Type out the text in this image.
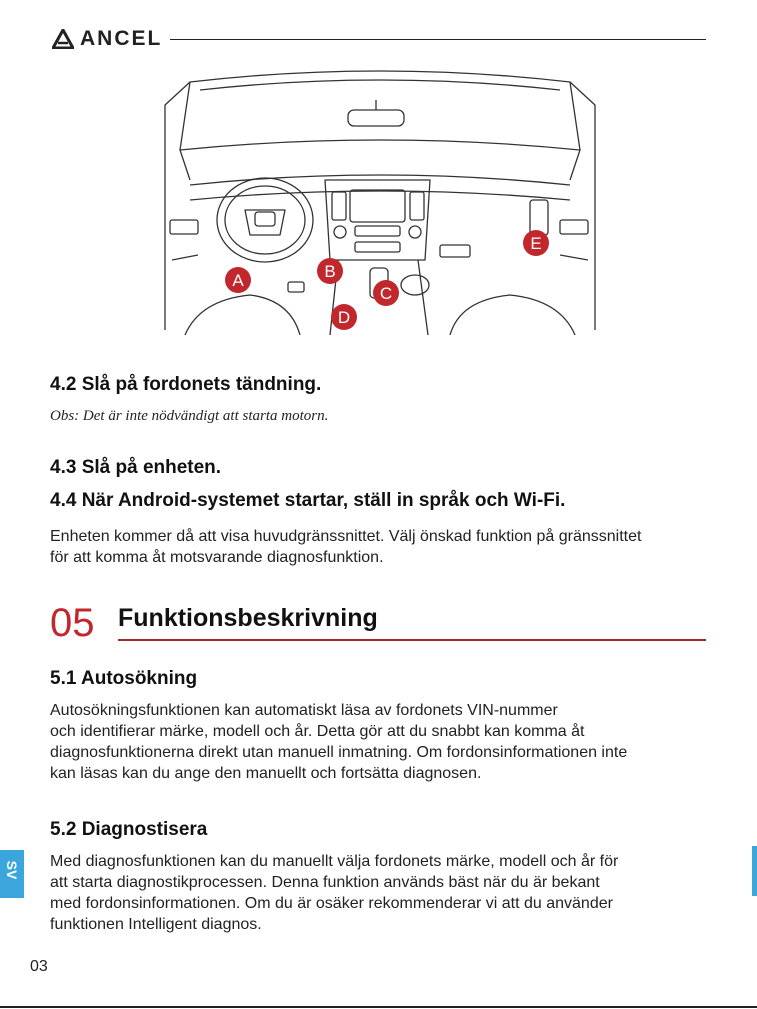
ANCEL
A	B
C
D
E
4.2 Slå på fordonets tändning.
Obs: Det är inte nödvändigt att starta motorn.
4.3 Slå på enheten.
4.4 När Android-systemet startar, ställ in språk och Wi-Fi.
Enheten kommer då att visa huvudgränssnittet. Välj önskad funktion på gränssnittet
för att komma åt motsvarande diagnosfunktion.
05 Funktionsbeskrivning
5.1 Autosökning
Autosökningsfunktionen kan automatiskt läsa av fordonets VIN-nummer
och identifierar märke, modell och år. Detta gör att du snabbt kan komma åt
diagnosfunktionerna direkt utan manuell inmatning. Om fordonsinformationen inte
kan läsas kan du ange den manuellt och fortsätta diagnosen.
5.2 Diagnostisera
Med diagnosfunktionen kan du manuellt välja fordonets märke, modell och år för
att starta diagnostikprocessen. Denna funktion används bäst när du är bekant
med fordonsinformationen. Om du är osäker rekommenderar vi att du använder
funktionen Intelligent diagnos.
SV
03
